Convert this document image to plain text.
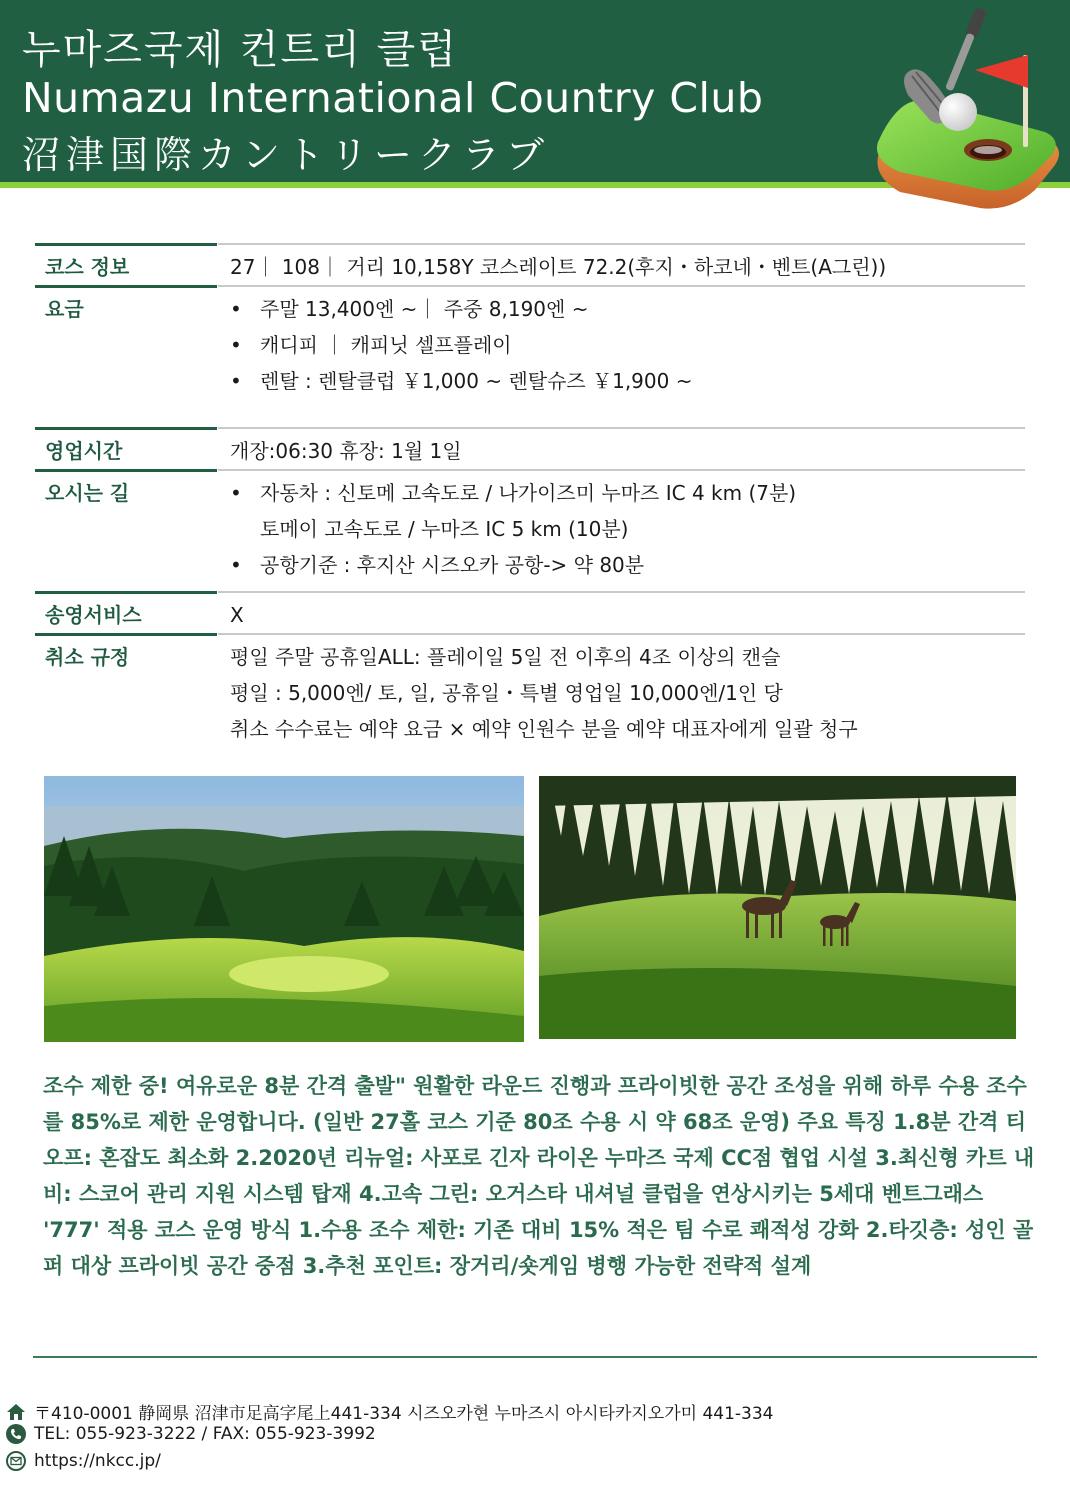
누마즈국제 컨트리 클럽
Numazu International Country Club
沼津国際カントリークラブ
코스 정보	27｜ 108｜ 거리 10,158Y 코스레이트 72.2(후지・하코네・벤트(A그린))
요금	• 주말 13,400엔 ~｜ 주중 8,190엔 ~
• 캐디피 ｜ 캐피닛 셀프플레이
• 렌탈 : 렌탈클럽 ￥1,000 ~ 렌탈슈즈 ￥1,900 ~
영업시간	개장:06:30 휴장: 1월 1일
오시는 길	• 자동차 : 신토메 고속도로 / 나가이즈미 누마즈 IC 4 km (7분)
토메이 고속도로 / 누마즈 IC 5 km (10분)
• 공항기준 : 후지산 시즈오카 공항-> 약 80분
송영서비스	X
취소 규정	평일 주말 공휴일ALL: 플레이일 5일 전 이후의 4조 이상의 캔슬
평일 : 5,000엔/ 토, 일, 공휴일・특별 영업일 10,000엔/1인 당
취소 수수료는 예약 요금 × 예약 인원수 분을 예약 대표자에게 일괄 청구
조수 제한 중! 여유로운 8분 간격 출발" 원활한 라운드 진행과 프라이빗한 공간 조성을 위해 하루 수용 조수를 85%로 제한 운영합니다. (일반 27홀 코스 기준 80조 수용 시 약 68조 운영) 주요 특징 1.8분 간격 티오프: 혼잡도 최소화 2.2020년 리뉴얼: 사포로 긴자 라이온 누마즈 국제 CC점 협업 시설 3.최신형 카트 내비: 스코어 관리 지원 시스템 탑재 4.고속 그린: 오거스타 내셔널 클럽을 연상시키는 5세대 벤트그래스 '777' 적용 코스 운영 방식 1.수용 조수 제한: 기존 대비 15% 적은 팀 수로 쾌적성 강화 2.타깃층: 성인 골퍼 대상 프라이빗 공간 중점 3.추천 포인트: 장거리/숏게임 병행 가능한 전략적 설계
〒410-0001 静岡県 沼津市足高字尾上441-334 시즈오카현 누마즈시 아시타카지오가미 441-334
TEL: 055-923-3222 / FAX: 055-923-3992
https://nkcc.jp/
